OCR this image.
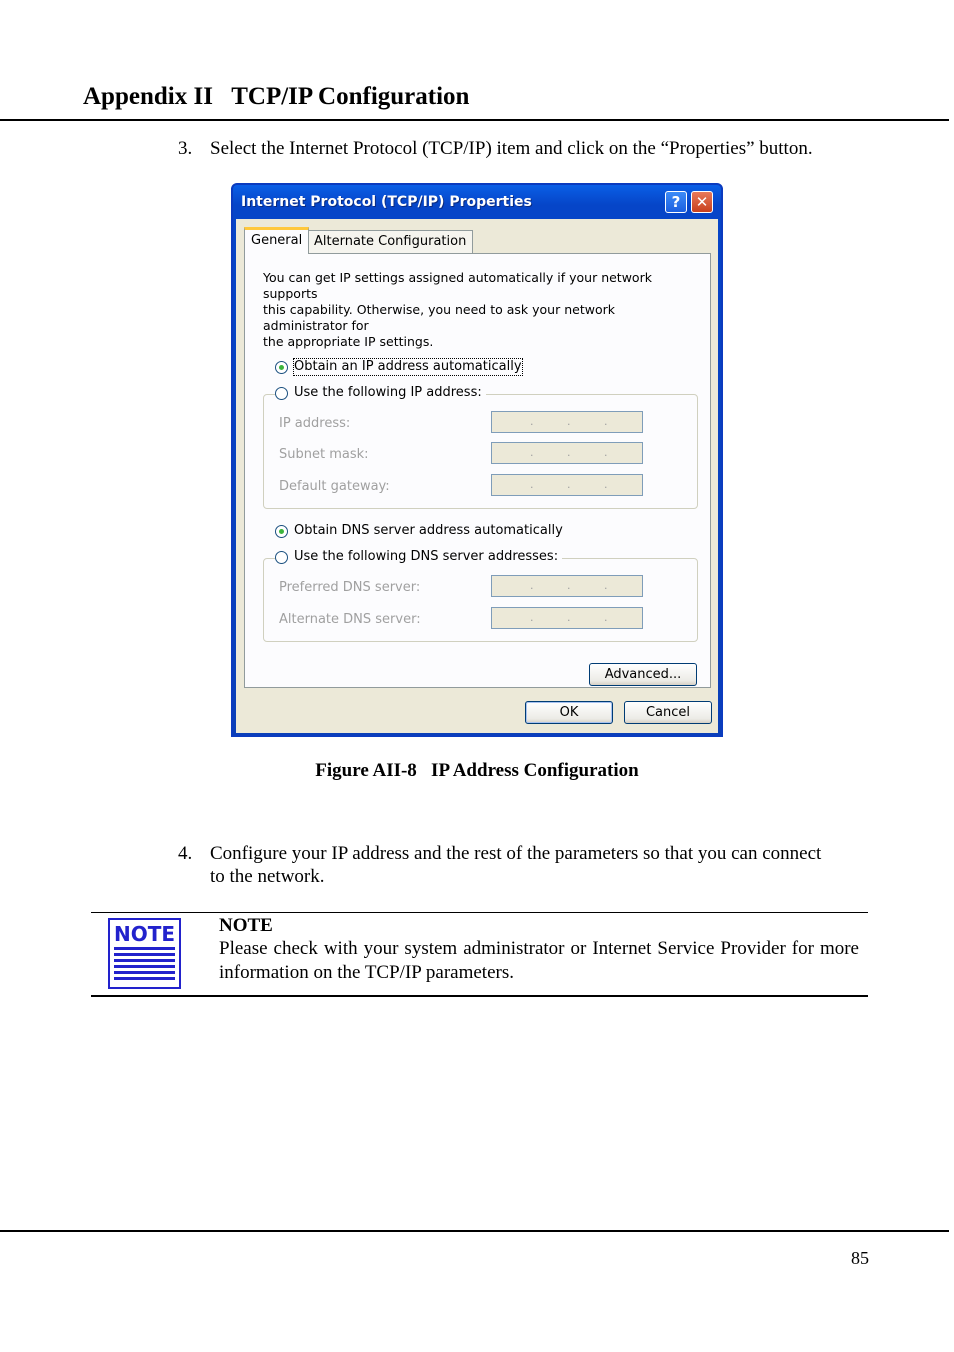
Appendix II   TCP/IP Configuration
3. Select the Internet Protocol (TCP/IP) item and click on the “Properties” button.
Internet Protocol (TCP/IP) Properties	?	✕
General Alternate Configuration
You can get IP settings assigned automatically if your network supports
this capability. Otherwise, you need to ask your network administrator for
the appropriate IP settings.
Obtain an IP address automatically
Use the following IP address:
IP address:	.	.	.
Subnet mask:	.	.	.
Default gateway:	.	.	.
Obtain DNS server address automatically
Use the following DNS server addresses:
Preferred DNS server:	.	.	.
Alternate DNS server:	.	.	.
Advanced...
OK	Cancel
Figure AII-8   IP Address Configuration
4. Configure your IP address and the rest of the parameters so that you can connect
to the network.
NOTE NOTE
Please check with your system administrator or Internet Service Provider for more information on the TCP/IP parameters.
85
